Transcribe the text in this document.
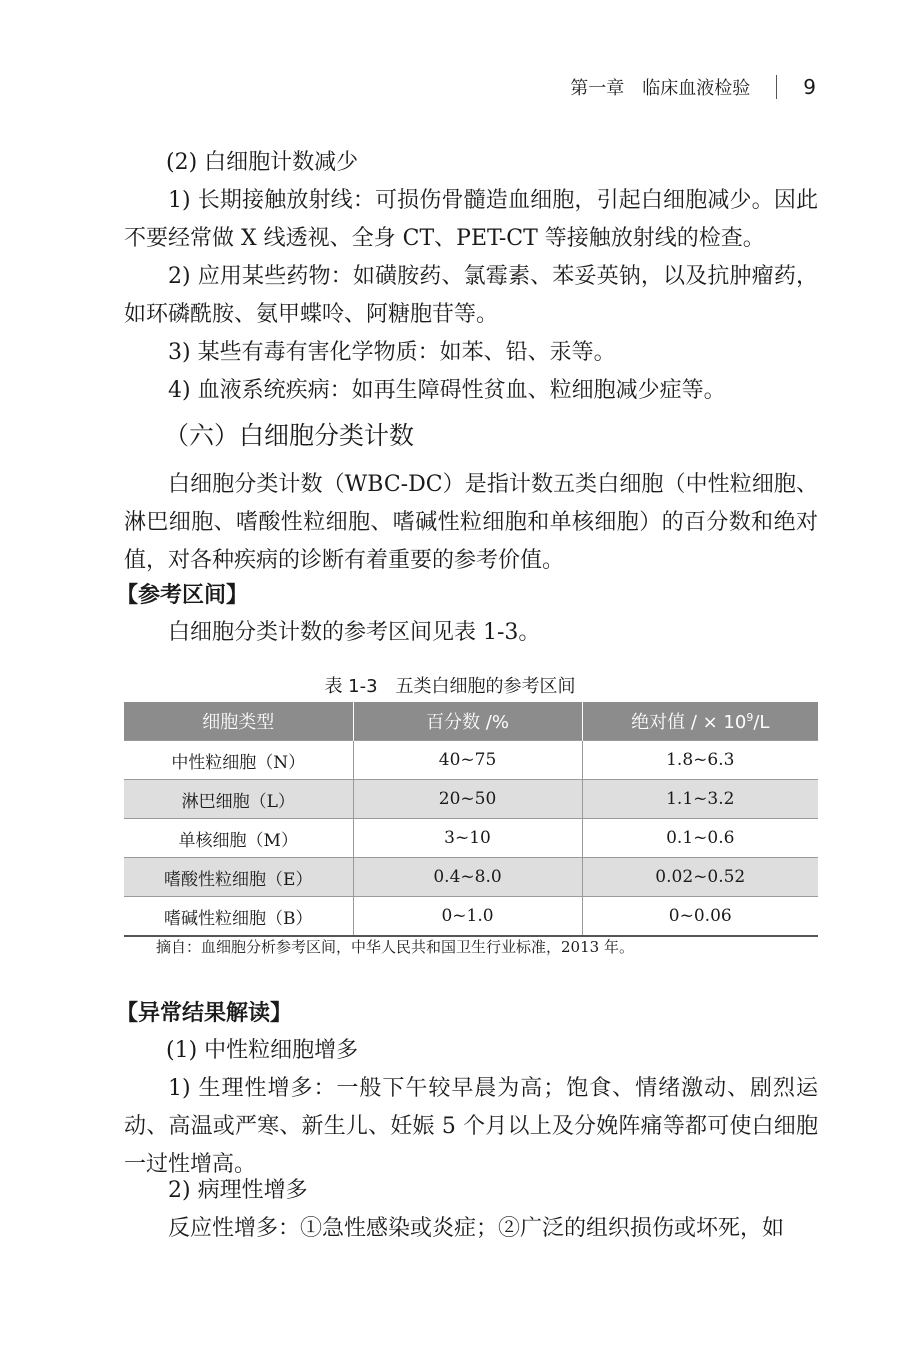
第一章　临床血液检验	9
(2) 白细胞计数减少

1) 长期接触放射线：可损伤骨髓造血细胞，引起白细胞减少。因此不要经常做 X 线透视、全身 CT、PET-CT 等接触放射线的检查。

2) 应用某些药物：如磺胺药、氯霉素、苯妥英钠，以及抗肿瘤药，如环磷酰胺、氨甲蝶呤、阿糖胞苷等。

3) 某些有毒有害化学物质：如苯、铅、汞等。
4) 血液系统疾病：如再生障碍性贫血、粒细胞减少症等。
（六）白细胞分类计数

白细胞分类计数（WBC-DC）是指计数五类白细胞（中性粒细胞、淋巴细胞、嗜酸性粒细胞、嗜碱性粒细胞和单核细胞）的百分数和绝对值，对各种疾病的诊断有着重要的参考价值。

【参考区间】
白细胞分类计数的参考区间见表 1-3。
表 1-3　五类白细胞的参考区间
细胞类型	百分数 /%	绝对值 / × $10^9/L$
中性粒细胞（N）	40~75	1.8~6.3
淋巴细胞（L）	20~50	1.1~3.2
单核细胞（M）	3~10	0.1~0.6
嗜酸性粒细胞（E）	0.4~8.0	0.02~0.52
嗜碱性粒细胞（B）	0~1.0	0~0.06
摘自：血细胞分析参考区间，中华人民共和国卫生行业标准，2013 年。
【异常结果解读】
(1) 中性粒细胞增多

1) 生理性增多：一般下午较早晨为高；饱食、情绪激动、剧烈运动、高温或严寒、新生儿、妊娠 5 个月以上及分娩阵痛等都可使白细胞一过性增高。

2) 病理性增多
反应性增多：①急性感染或炎症；②广泛的组织损伤或坏死，如
